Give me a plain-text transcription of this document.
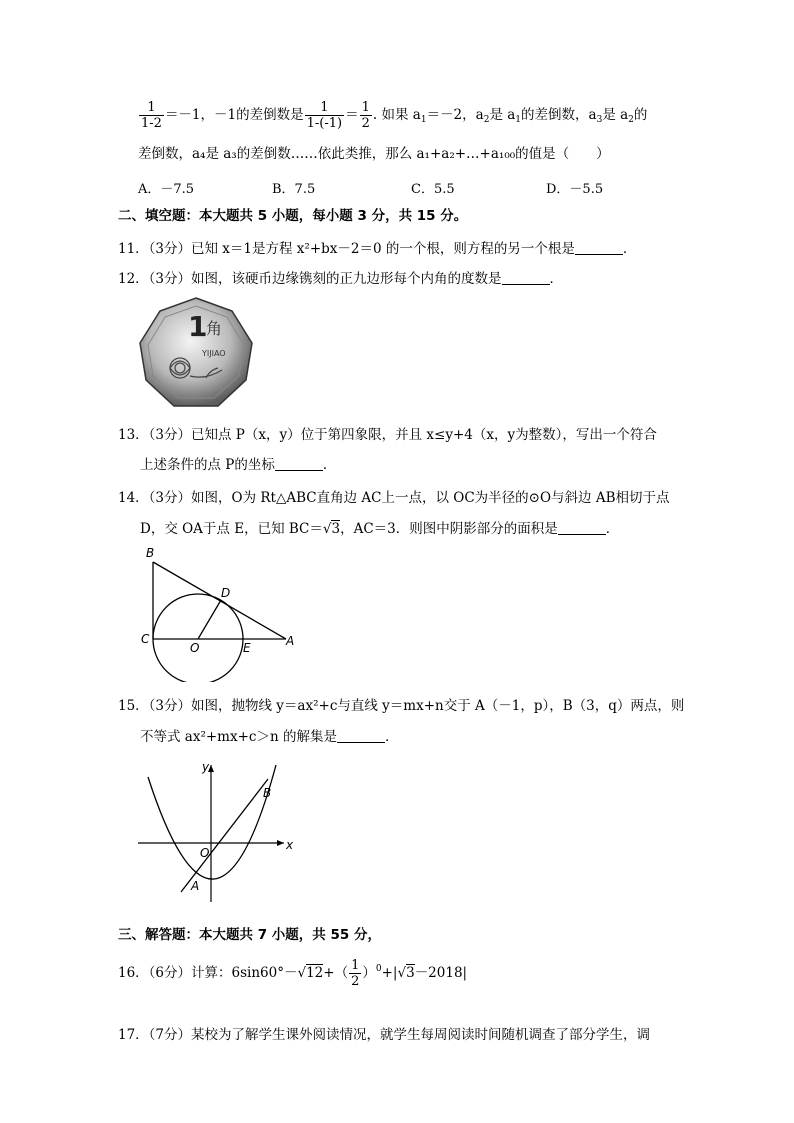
$\frac{1}{1-2} =-1$，－1的差倒数是 $\frac{1}{1-(-1)} = \frac{1}{2}$ . 如果 $a_1=-2$，$a_2$是 $a_1$的差倒数，$a_3$是 $a_2$的
差倒数，a₄是 a₃的差倒数……依此类推，那么 a₁+a₂+…+a₁₀₀的值是（　　）
A．－7.5	B．7.5	C．5.5	D．－5.5
二、填空题：本大题共 5 小题，每小题 3 分，共 15 分。
11．（3分）已知 x＝1是方程 x²+bx－2＝0 的一个根，则方程的另一个根是	．
12．（3分）如图，该硬币边缘镌刻的正九边形每个内角的度数是	．
1
角
YIJIAO
13．（3分）已知点 P（x，y）位于第四象限，并且 x≤y+4（x，y为整数），写出一个符合
上述条件的点 P的坐标	．
14．（3分）如图，O为 Rt△ABC直角边 AC上一点，以 OC为半径的⊙O与斜边 AB相切于点
D，交 OA于点 E，已知 BC＝√3，AC＝3．则图中阴影部分的面积是	．
B
D
C
O	E	A
15．（3分）如图，抛物线 y＝ax²+c与直线 y＝mx+n交于 A（－1，p），B（3，q）两点，则
不等式 ax²+mx+c＞n 的解集是	．
y
x
O
A
B
三、解答题：本大题共 7 小题，共 55 分，
16．（6分）计算：$6\sin 60^\circ-√12+( \frac{1}{2} )^0+|√3-2018|$
17．（7分）某校为了解学生课外阅读情况，就学生每周阅读时间随机调查了部分学生，调
